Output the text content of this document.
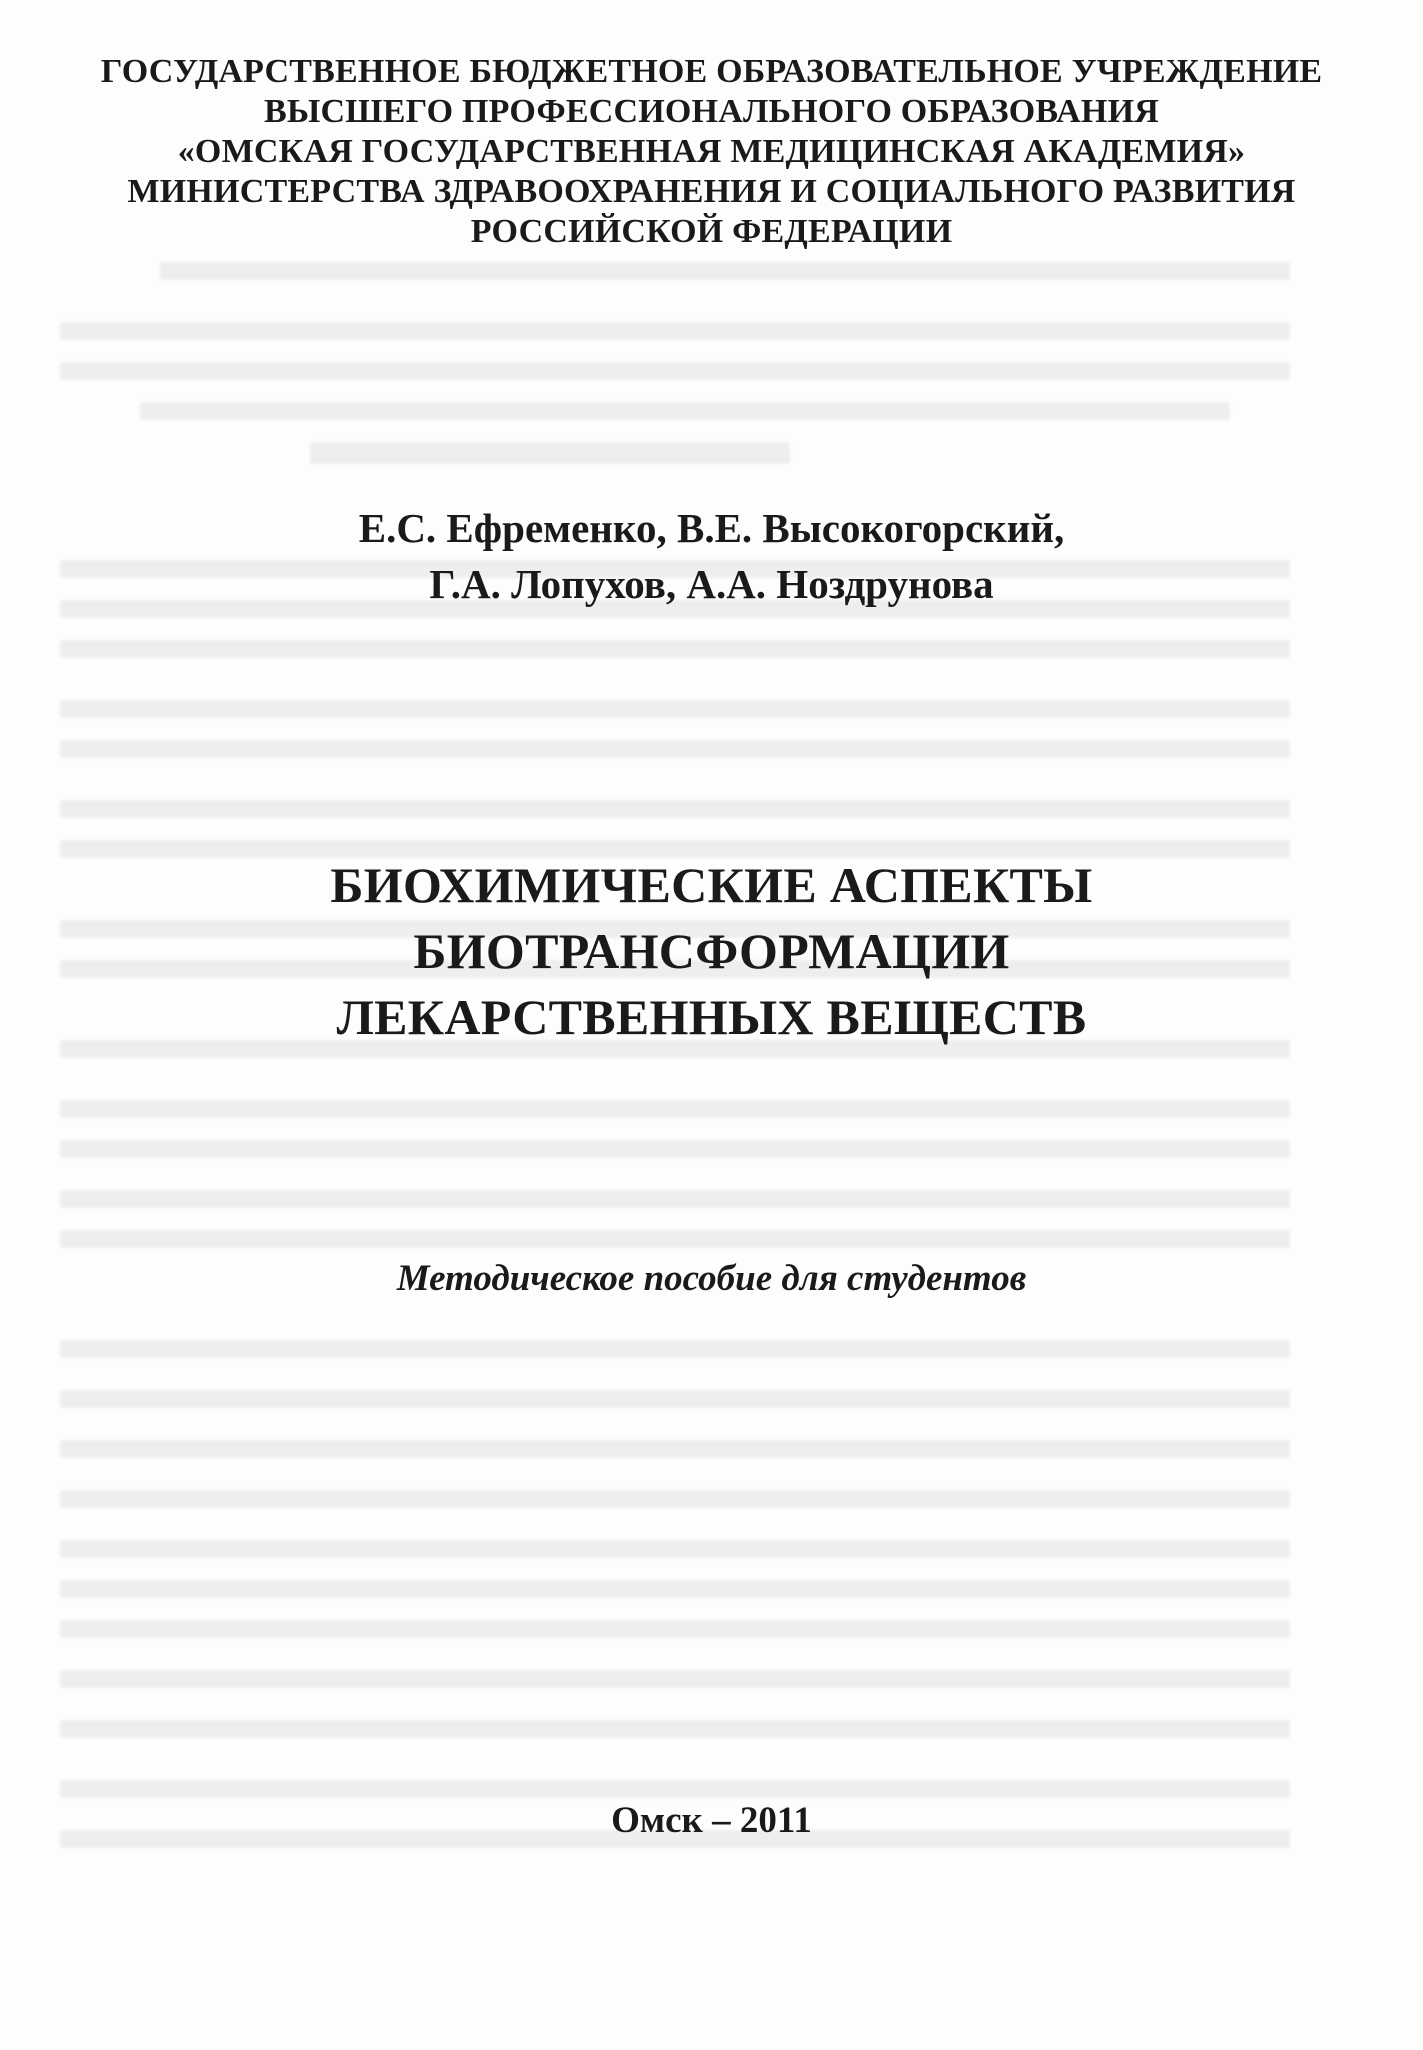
ГОСУДАРСТВЕННОЕ БЮДЖЕТНОЕ ОБРАЗОВАТЕЛЬНОЕ УЧРЕЖДЕНИЕ
ВЫСШЕГО ПРОФЕССИОНАЛЬНОГО ОБРАЗОВАНИЯ
«ОМСКАЯ ГОСУДАРСТВЕННАЯ МЕДИЦИНСКАЯ АКАДЕМИЯ»
МИНИСТЕРСТВА ЗДРАВООХРАНЕНИЯ И СОЦИАЛЬНОГО РАЗВИТИЯ
РОССИЙСКОЙ ФЕДЕРАЦИИ
Е.С. Ефременко, В.Е. Высокогорский,
Г.А. Лопухов, А.А. Ноздрунова
БИОХИМИЧЕСКИЕ АСПЕКТЫ
БИОТРАНСФОРМАЦИИ
ЛЕКАРСТВЕННЫХ ВЕЩЕСТВ
Методическое пособие для студентов
Омск – 2011
